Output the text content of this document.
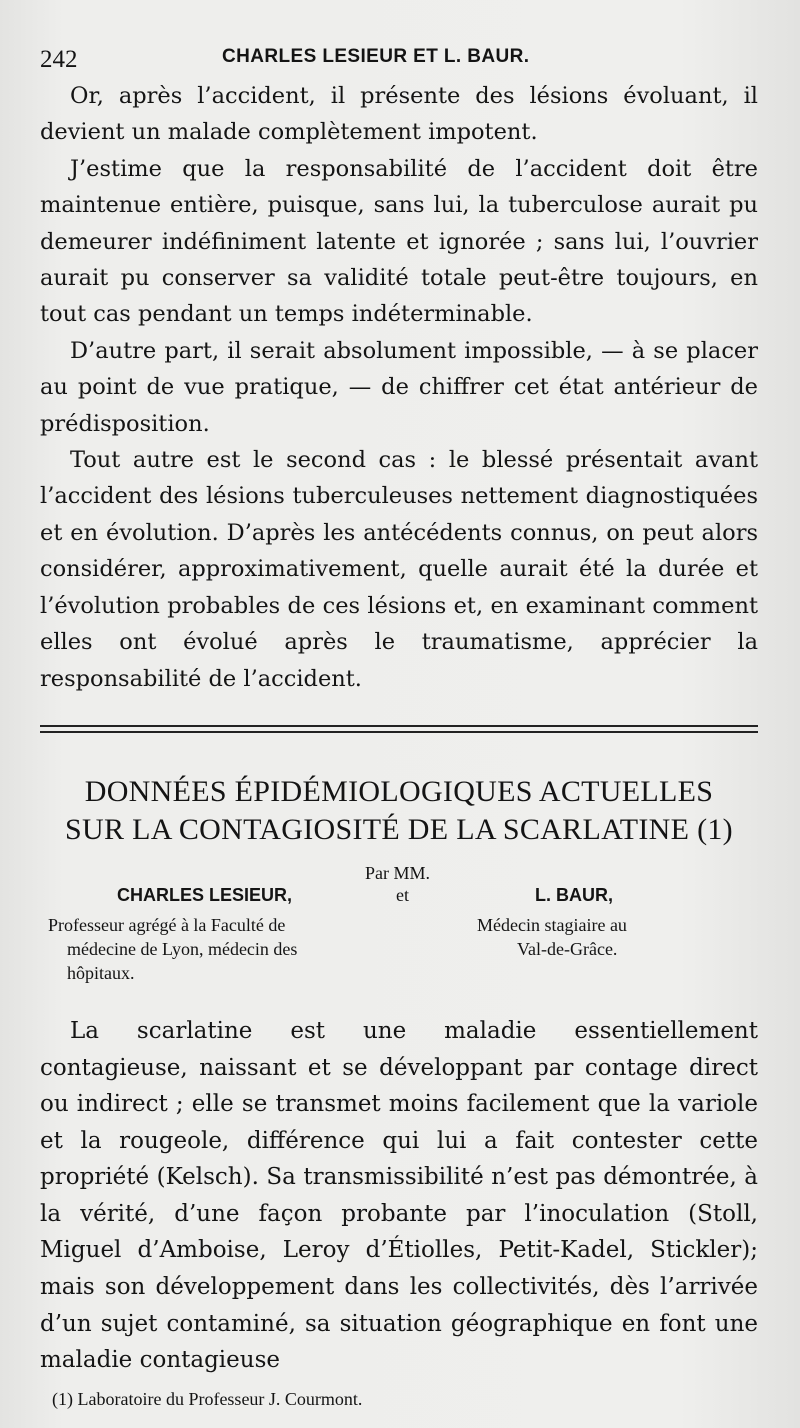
242	CHARLES LESIEUR ET L. BAUR.

Or, après l’accident, il présente des lésions évoluant, il devient un malade complètement impotent.

J’estime que la responsabilité de l’accident doit être maintenue entière, puisque, sans lui, la tuberculose aurait pu demeurer indéfiniment latente et ignorée ; sans lui, l’ouvrier aurait pu conserver sa validité totale peut-être toujours, en tout cas pendant un temps indéterminable.

D’autre part, il serait absolument impossible, — à se placer au point de vue pratique, — de chiffrer cet état antérieur de prédisposition.

Tout autre est le second cas : le blessé présentait avant l’accident des lésions tuberculeuses nettement diagnostiquées et en évolution. D’après les antécédents connus, on peut alors considérer, approximativement, quelle aurait été la durée et l’évolution probables de ces lésions et, en examinant comment elles ont évolué après le traumatisme, apprécier la responsabilité de l’accident.

DONNÉES ÉPIDÉMIOLOGIQUES ACTUELLES
SUR LA CONTAGIOSITÉ DE LA SCARLATINE (1)
Par MM.
CHARLES LESIEUR,	et	L. BAUR,
Professeur agrégé à la Faculté de
médecine de Lyon, médecin des
hôpitaux.
Médecin stagiaire au
Val-de-Grâce.

La scarlatine est une maladie essentiellement contagieuse, naissant et se développant par contage direct ou indirect ; elle se transmet moins facilement que la variole et la rougeole, différence qui lui a fait contester cette propriété (Kelsch). Sa transmissibilité n’est pas démontrée, à la vérité, d’une façon probante par l’inoculation (Stoll, Miguel d’Amboise, Leroy d’Étiolles, Petit-Kadel, Stickler); mais son développement dans les collectivités, dès l’arrivée d’un sujet contaminé, sa situation géographique en font une maladie contagieuse

(1) Laboratoire du Professeur J. Courmont.
